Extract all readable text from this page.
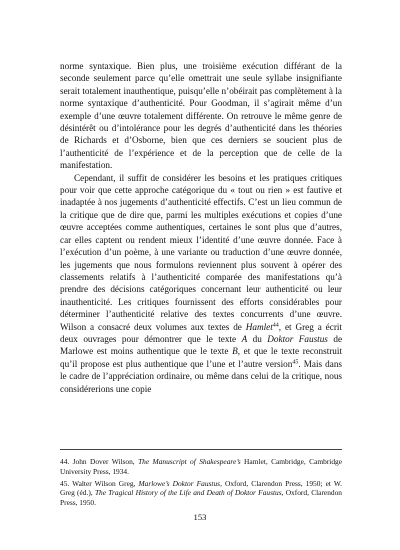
norme syntaxique. Bien plus, une troisième exécution différant de la seconde seulement parce qu’elle omettrait une seule syllabe insignifiante serait totalement inauthentique, puisqu’elle n’obéirait pas complètement à la norme syntaxique d’authenticité. Pour Goodman, il s’agirait même d’un exemple d’une œuvre totalement différente. On retrouve le même genre de désintérêt ou d’intolérance pour les degrés d’authenticité dans les théories de Richards et d’Osborne, bien que ces derniers se soucient plus de l’authenticité de l’expérience et de la perception que de celle de la manifestation.

Cependant, il suffit de considérer les besoins et les pratiques critiques pour voir que cette approche catégorique du « tout ou rien » est fautive et inadaptée à nos jugements d’authenticité effectifs. C’est un lieu commun de la critique que de dire que, parmi les multiples exécutions et copies d’une œuvre acceptées comme authentiques, certaines le sont plus que d’autres, car elles captent ou rendent mieux l’identité d’une œuvre donnée. Face à l’exécution d’un poème, à une variante ou traduction d’une œuvre donnée, les jugements que nous formulons reviennent plus souvent à opérer des classements relatifs à l’authenticité comparée des manifestations qu’à prendre des décisions catégoriques concernant leur authenticité ou leur inauthenticité. Les critiques fournissent des efforts considérables pour déterminer l’authenticité relative des textes concurrents d’une œuvre. Wilson a consacré deux volumes aux textes de Hamlet$^{44}$, et Greg a écrit deux ouvrages pour démontrer que le texte A du Doktor Faustus de Marlowe est moins authentique que le texte B, et que le texte reconstruit qu’il propose est plus authentique que l’une et l’autre version$^{45}$. Mais dans le cadre de l’appréciation ordinaire, ou même dans celui de la critique, nous considérerions une copie

44. John Dover Wilson, The Manuscript of Shakespeare’s Hamlet, Cambridge, Cambridge University Press, 1934.

45. Walter Wilson Greg, Marlowe’s Doktor Faustus, Oxford, Clarendon Press, 1950; et W. Greg (éd.), The Tragical History of the Life and Death of Doktor Faustus, Oxford, Clarendon Press, 1950.

153
